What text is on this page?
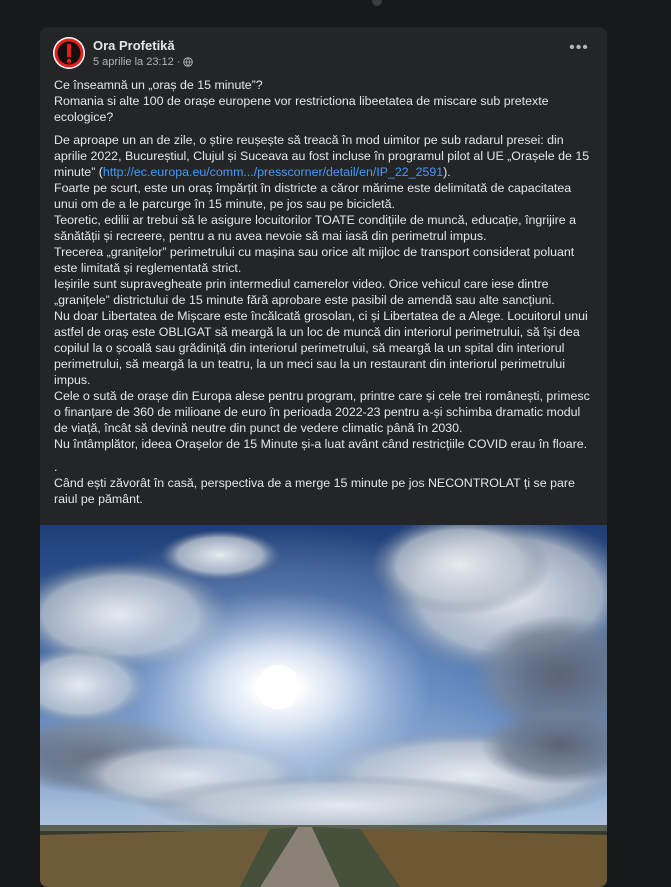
Ora Profetikă
5 aprilie la 23:12 ·
•••

Ce înseamnă un „oraș de 15 minute”?
Romania si alte 100 de orașe europene vor restrictiona libeetatea de miscare sub pretexte ecologice?

De aproape un an de zile, o știre reușește să treacă în mod uimitor pe sub radarul presei: din aprilie 2022, Bucureștiul, Clujul și Suceava au fost incluse în programul pilot al UE „Orașele de 15 minute” (http://ec.europa.eu/comm.../presscorner/detail/en/IP_22_2591).

Foarte pe scurt, este un oraș împărțit în districte a căror mărime este delimitată de capacitatea unui om de a le parcurge în 15 minute, pe jos sau pe bicicletă.

Teoretic, edilii ar trebui să le asigure locuitorilor TOATE condițiile de muncă, educație, îngrijire a sănătății și recreere, pentru a nu avea nevoie să mai iasă din perimetrul impus.

Trecerea „granițelor” perimetrului cu mașina sau orice alt mijloc de transport considerat poluant este limitată și reglementată strict.

Ieșirile sunt supravegheate prin intermediul camerelor video. Orice vehicul care iese dintre „granițele” districtului de 15 minute fără aprobare este pasibil de amendă sau alte sancțiuni.

Nu doar Libertatea de Mișcare este încălcată grosolan, ci și Libertatea de a Alege. Locuitorul unui astfel de oraș este OBLIGAT să meargă la un loc de muncă din interiorul perimetrului, să își dea copilul la o școală sau grădiniță din interiorul perimetrului, să meargă la un spital din interiorul perimetrului, să meargă la un teatru, la un meci sau la un restaurant din interiorul perimetrului impus.

Cele o sută de orașe din Europa alese pentru program, printre care și cele trei românești, primesc o finanțare de 360 de milioane de euro în perioada 2022-23 pentru a-și schimba dramatic modul de viață, încât să devină neutre din punct de vedere climatic până în 2030.

Nu întâmplător, ideea Orașelor de 15 Minute și-a luat avânt când restricțiile COVID erau în floare.

.

Când ești zăvorât în casă, perspectiva de a merge 15 minute pe jos NECONTROLAT ți se pare raiul pe pământ.
